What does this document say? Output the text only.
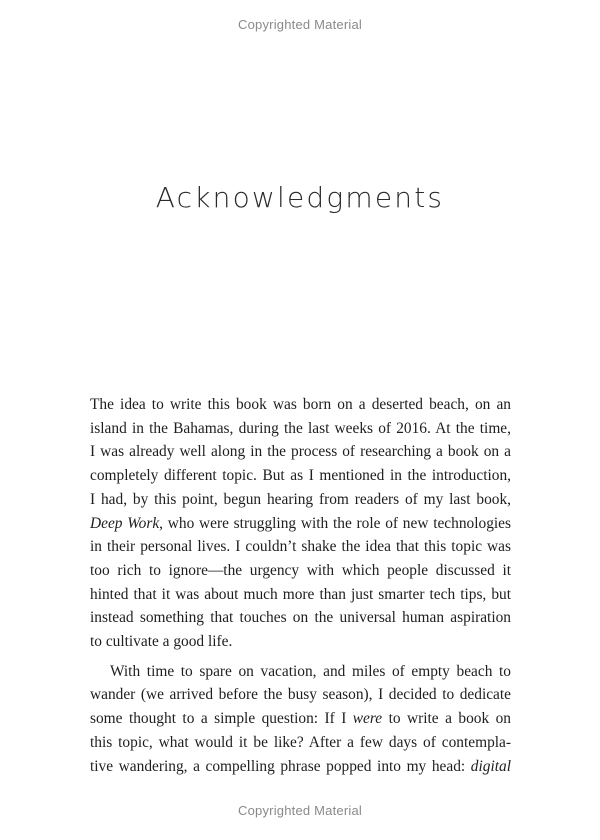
Copyrighted Material
Acknowledgments
The idea to write this book was born on a deserted beach, on an
island in the Bahamas, during the last weeks of 2016. At the time,
I was already well along in the process of researching a book on a
completely different topic. But as I mentioned in the introduction,
I had, by this point, begun hearing from readers of my last book,
Deep Work, who were struggling with the role of new technologies
in their personal lives. I couldn’t shake the idea that this topic was
too rich to ignore—the urgency with which people discussed it
hinted that it was about much more than just smarter tech tips, but
instead something that touches on the universal human aspiration
to cultivate a good life.
With time to spare on vacation, and miles of empty beach to
wander (we arrived before the busy season), I decided to dedicate
some thought to a simple question: If I were to write a book on
this topic, what would it be like? After a few days of contempla-
tive wandering, a compelling phrase popped into my head: digital
Copyrighted Material
